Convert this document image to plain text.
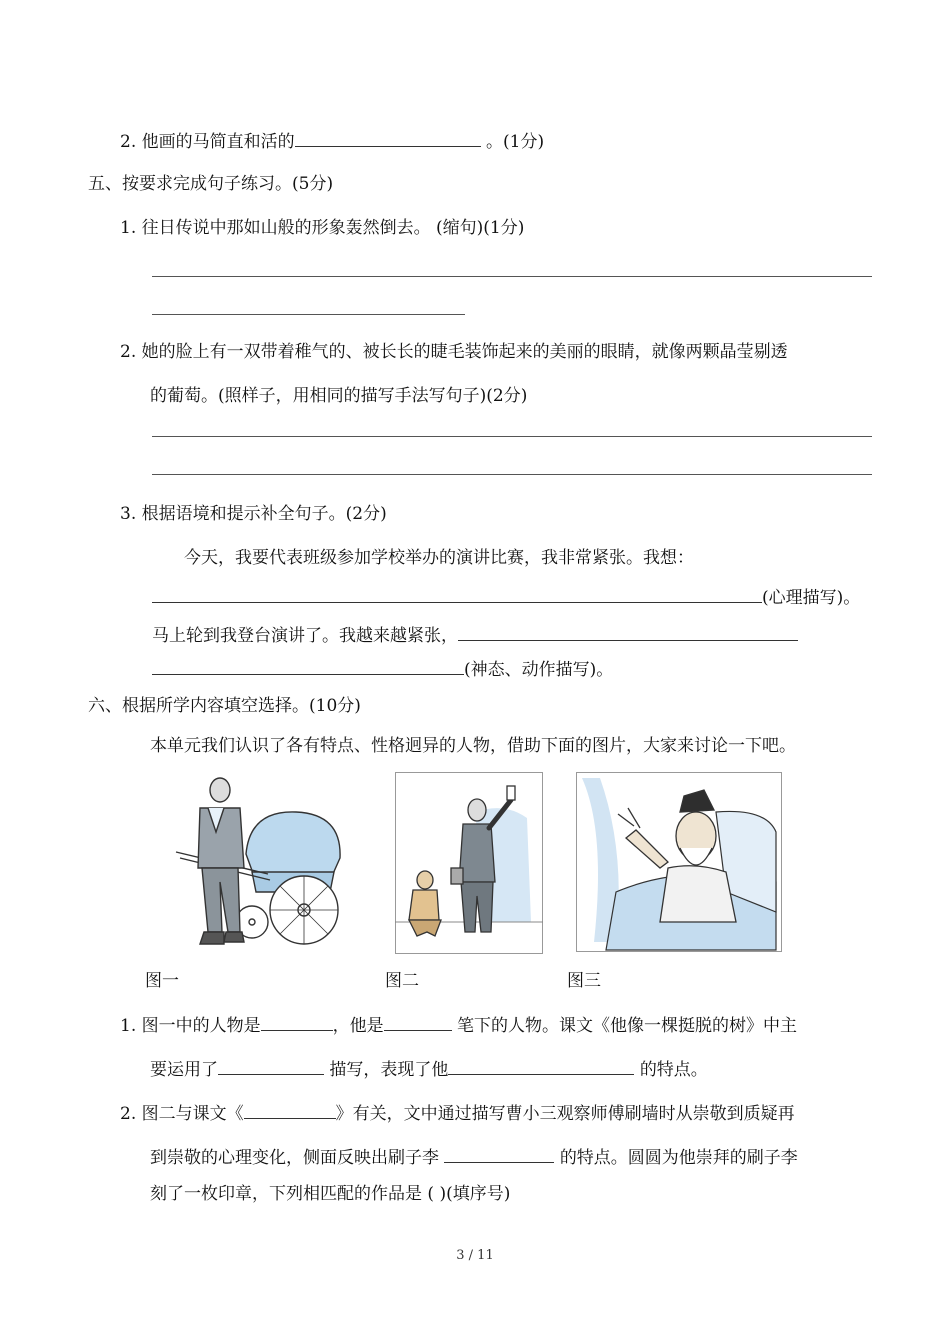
2. 他画的马简直和活的	。(1分)
五、按要求完成句子练习。(5分)
1. 往日传说中那如山般的形象轰然倒去。 (缩句)(1分)
2. 她的脸上有一双带着稚气的、被长长的睫毛装饰起来的美丽的眼睛，就像两颗晶莹剔透
的葡萄。(照样子，用相同的描写手法写句子)(2分)
3. 根据语境和提示补全句子。(2分)
今天，我要代表班级参加学校举办的演讲比赛，我非常紧张。我想：
(心理描写)。
马上轮到我登台演讲了。我越来越紧张，
(神态、动作描写)。
六、根据所学内容填空选择。(10分)
本单元我们认识了各有特点、性格迥异的人物，借助下面的图片，大家来讨论一下吧。
图一	图二	图三
1. 图一中的人物是	，他是	笔下的人物。课文《他像一棵挺脱的树》中主
要运用了	描写，表现了他	的特点。
2. 图二与课文《	》有关，文中通过描写曹小三观察师傅刷墙时从崇敬到质疑再
到崇敬的心理变化，侧面反映出刷子李	的特点。圆圆为他崇拜的刷子李
刻了一枚印章，下列相匹配的作品是 ( )(填序号)
3 / 11
